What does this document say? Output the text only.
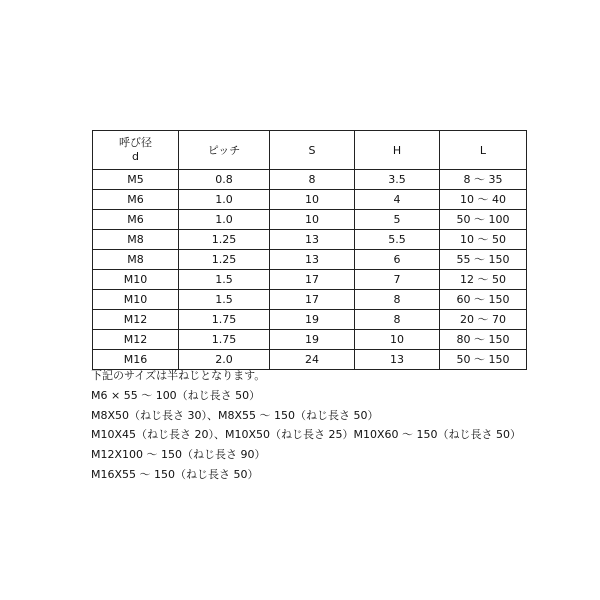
呼び径
d	ピッチ	S	H	L
M5	0.8	8	3.5	8 ～ 35
M6	1.0	10	4	10 ～ 40
M6	1.0	10	5	50 ～ 100
M8	1.25	13	5.5	10 ～ 50
M8	1.25	13	6	55 ～ 150
M10	1.5	17	7	12 ～ 50
M10	1.5	17	8	60 ～ 150
M12	1.75	19	8	20 ～ 70
M12	1.75	19	10	80 ～ 150
M16	2.0	24	13	50 ～ 150
下記のサイズは半ねじとなります。
M6 × 55 ～ 100（ねじ長さ 50）
M8X50（ねじ長さ 30）、M8X55 ～ 150（ねじ長さ 50）
M10X45（ねじ長さ 20）、M10X50（ねじ長さ 25）M10X60 ～ 150（ねじ長さ 50）
M12X100 ～ 150（ねじ長さ 90）
M16X55 ～ 150（ねじ長さ 50）
